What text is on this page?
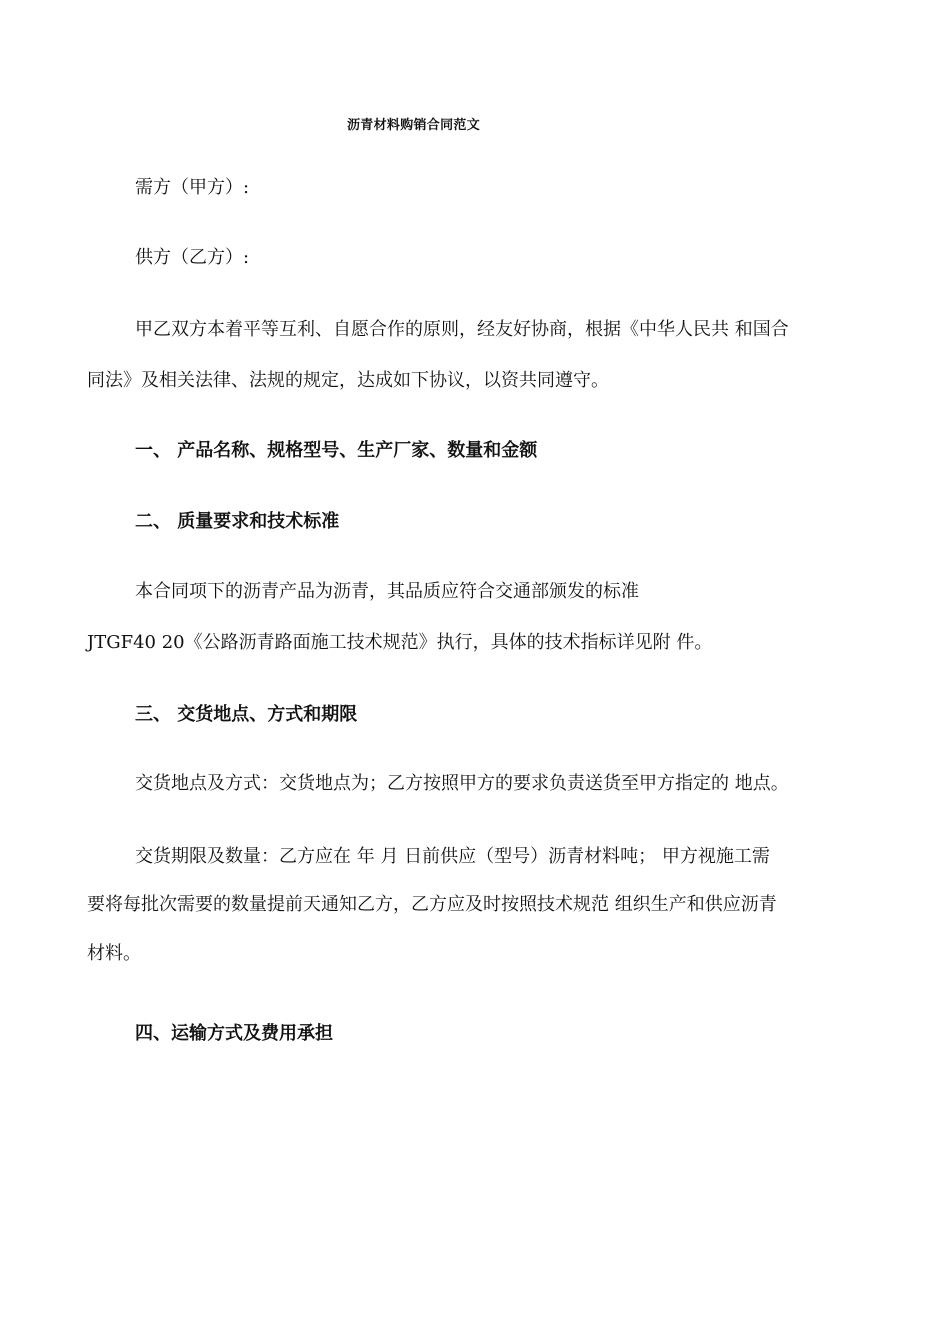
沥青材料购销合同范文
需方（甲方）:
供方（乙方）:
甲乙双方本着平等互利、自愿合作的原则，经友好协商，根据《中华人民共 和国合
同法》及相关法律、法规的规定，达成如下协议，以资共同遵守。
一、 产品名称、规格型号、生产厂家、数量和金额
二、 质量要求和技术标准
本合同项下的沥青产品为沥青，其品质应符合交通部颁发的标准
JTGF40 20《公路沥青路面施工技术规范》执行，具体的技术指标详见附 件。
三、 交货地点、方式和期限
交货地点及方式：交货地点为；乙方按照甲方的要求负责送货至甲方指定的 地点。
交货期限及数量：乙方应在 年 月 日前供应（型号）沥青材料吨； 甲方视施工需
要将每批次需要的数量提前天通知乙方，乙方应及时按照技术规范 组织生产和供应沥青
材料。
四、运输方式及费用承担
